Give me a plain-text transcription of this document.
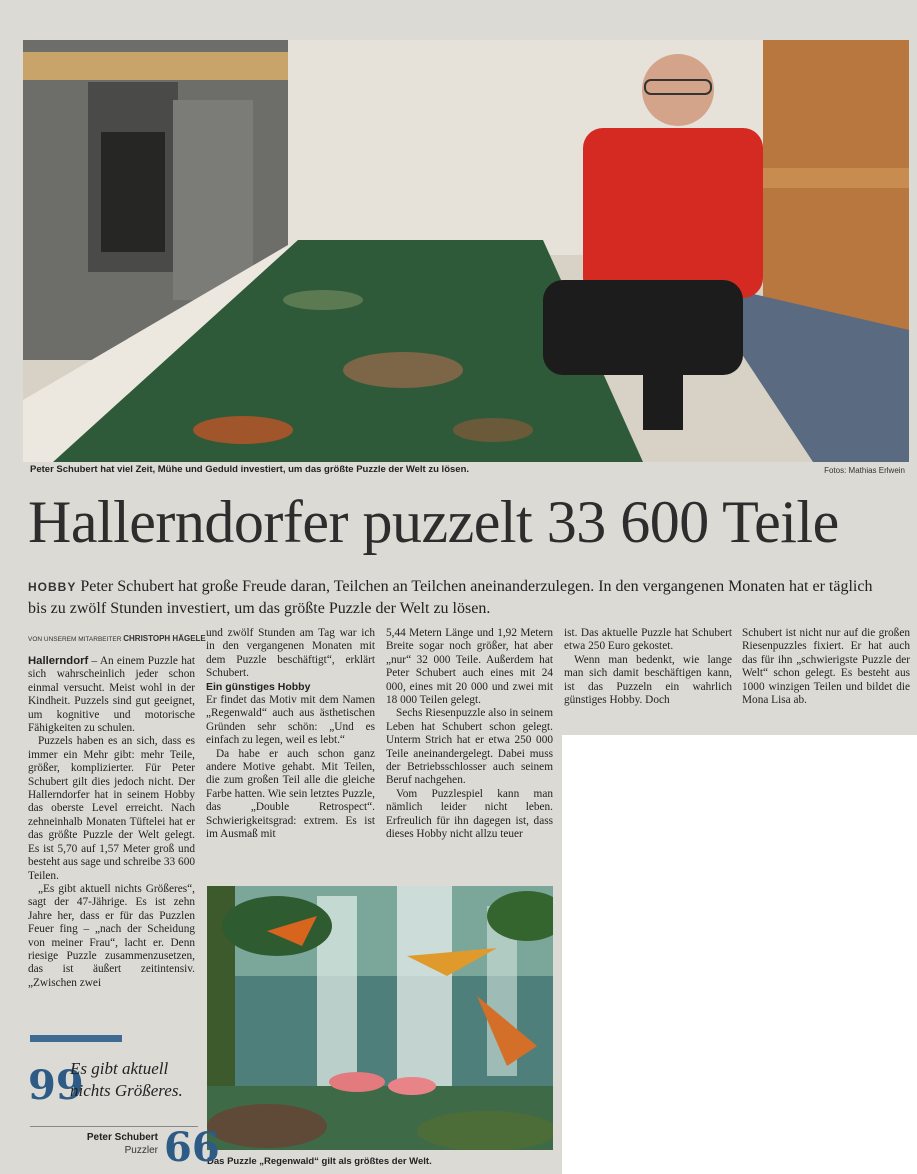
Peter Schubert hat viel Zeit, Mühe und Geduld investiert, um das größte Puzzle der Welt zu lösen.	Fotos: Mathias Erlwein
Hallerndorfer puzzelt 33 600 Teile

HOBBY Peter Schubert hat große Freude daran, Teilchen an Teilchen aneinanderzulegen. In den vergangenen Monaten hat er täglich bis zu zwölf Stunden investiert, um das größte Puzzle der Welt zu lösen.

VON UNSEREM MITARBEITER CHRISTOPH HÄGELE

Hallerndorf – An einem Puzzle hat sich wahrscheinlich jeder schon einmal versucht. Meist wohl in der Kindheit. Puzzels sind gut geeignet, um kognitive und motorische Fähigkeiten zu schulen.

Puzzels haben es an sich, dass es immer ein Mehr gibt: mehr Teile, größer, komplizierter. Für Peter Schubert gilt dies jedoch nicht. Der Hallerndorfer hat in seinem Hobby das oberste Level erreicht. Nach zehneinhalb Monaten Tüftelei hat er das größte Puzzle der Welt gelegt. Es ist 5,70 auf 1,57 Meter groß und besteht aus sage und schreibe 33 600 Teilen.

„Es gibt aktuell nichts Größeres“, sagt der 47-Jährige. Es ist zehn Jahre her, dass er für das Puzzlen Feuer fing – „nach der Scheidung von meiner Frau“, lacht er. Denn riesige Puzzle zusammenzusetzen, das ist äußert zeitintensiv. „Zwischen zwei

und zwölf Stunden am Tag war ich in den vergangenen Monaten mit dem Puzzle beschäftigt“, erklärt Schubert.

Ein günstiges Hobby

Er findet das Motiv mit dem Namen „Regenwald“ auch aus ästhetischen Gründen sehr schön: „Und es einfach zu legen, weil es lebt.“

Da habe er auch schon ganz andere Motive gehabt. Mit Teilen, die zum großen Teil alle die gleiche Farbe hatten. Wie sein letztes Puzzle, das „Double Retrospect“. Schwierigkeitsgrad: extrem. Es ist im Ausmaß mit

5,44 Metern Länge und 1,92 Metern Breite sogar noch größer, hat aber „nur“ 32 000 Teile. Außerdem hat Peter Schubert auch eines mit 24 000, eines mit 20 000 und zwei mit 18 000 Teilen gelegt.

Sechs Riesenpuzzle also in seinem Leben hat Schubert schon gelegt. Unterm Strich hat er etwa 250 000 Teile aneinandergelegt. Dabei muss der Betriebsschlosser auch seinem Beruf nachgehen.

Vom Puzzlespiel kann man nämlich leider nicht leben. Erfreulich für ihn dagegen ist, dass dieses Hobby nicht allzu teuer

ist. Das aktuelle Puzzle hat Schubert etwa 250 Euro gekostet.

Wenn man bedenkt, wie lange man sich damit beschäftigen kann, ist das Puzzeln ein wahrlich günstiges Hobby. Doch

Schubert ist nicht nur auf die großen Riesenpuzzles fixiert. Er hat auch das für ihn „schwierigste Puzzle der Welt“ schon gelegt. Es besteht aus 1000 winzigen Teilen und bildet die Mona Lisa ab.

Das Puzzle „Regenwald“ gilt als größtes der Welt.
99
Es gibt aktuell nichts Größeres.
Peter Schubert
Puzzler 66
